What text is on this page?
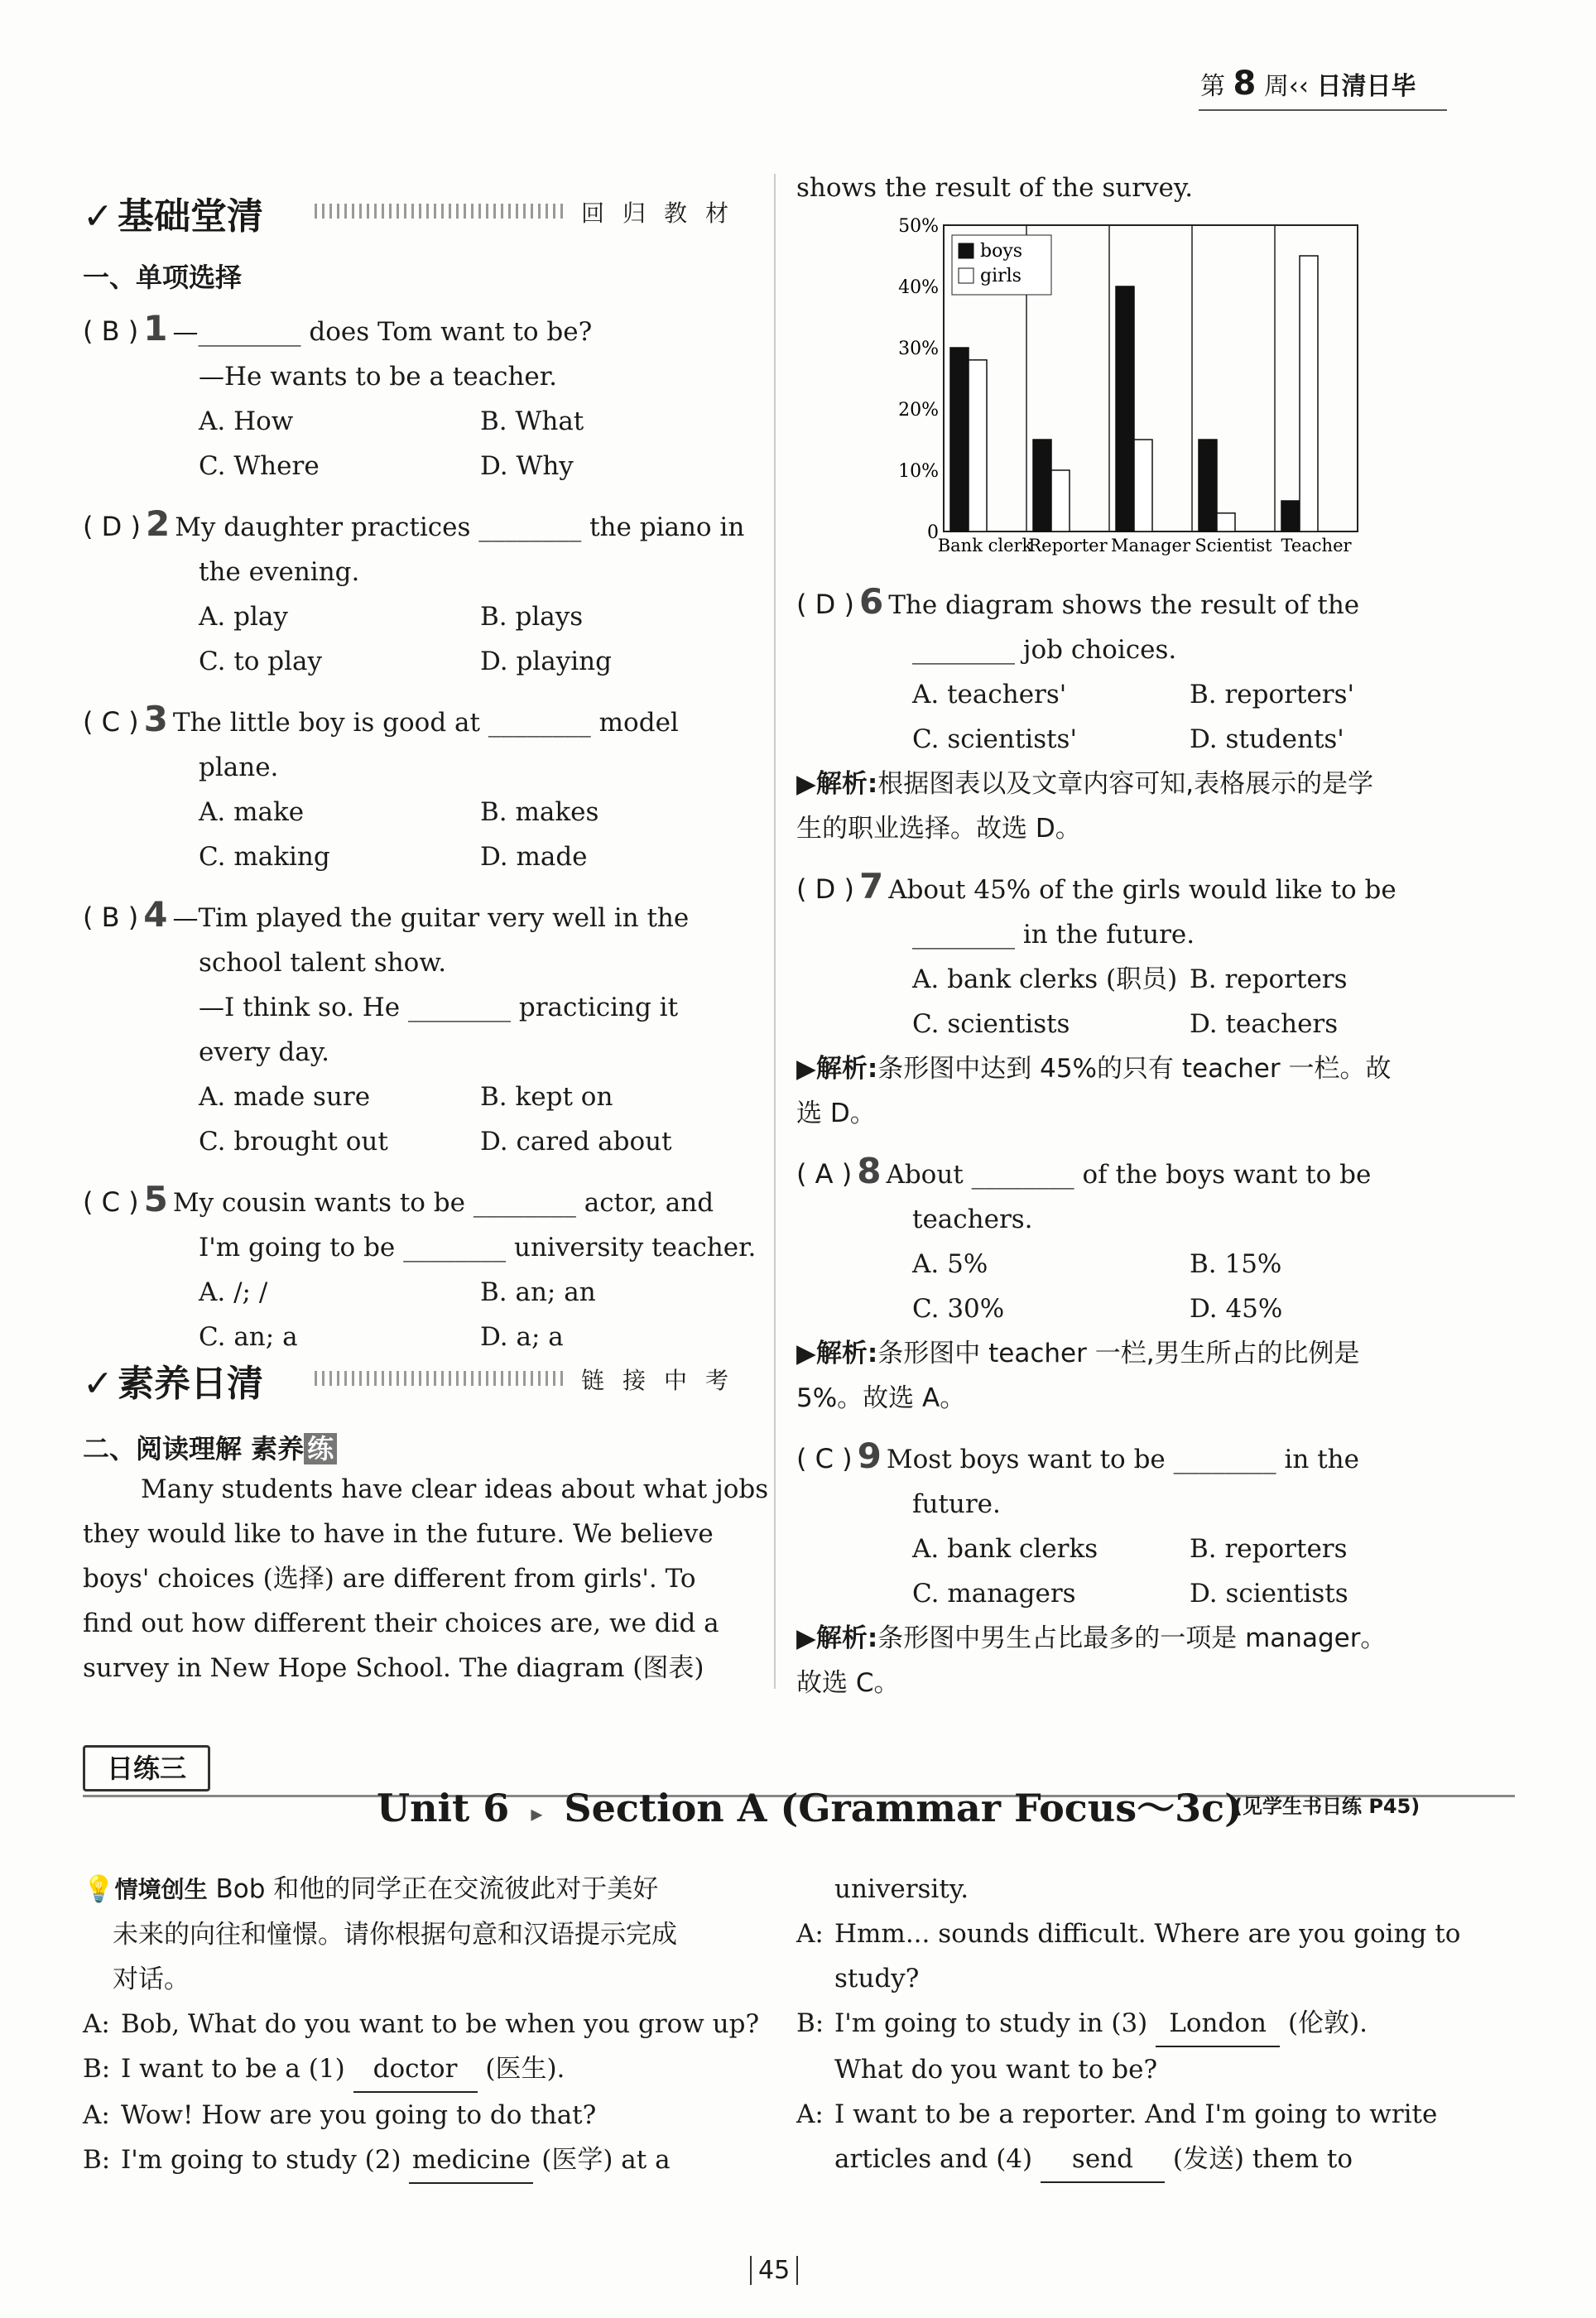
第 8 周‹‹ 日清日毕
✓ 基础堂清	回归教材
一、单项选择
( B ) 1 —________ does Tom want to be?
—He wants to be a teacher.
A. How	B. What
C. Where	D. Why
( D ) 2 My daughter practices ________ the piano in
the evening.
A. play	B. plays
C. to play	D. playing
( C ) 3 The little boy is good at ________ model
plane.
A. make	B. makes
C. making	D. made
( B ) 4 —Tim played the guitar very well in the
school talent show.
—I think so. He ________ practicing it
every day.
A. made sure	B. kept on
C. brought out	D. cared about
( C ) 5 My cousin wants to be ________ actor, and
I'm going to be ________ university teacher.
A. /; /	B. an; an
C. an; a	D. a; a
✓ 素养日清	链接中考
二、阅读理解 素养 练
Many students have clear ideas about what jobs
they would like to have in the future. We believe
boys' choices (选择) are different from girls'. To
find out how different their choices are, we did a
survey in New Hope School. The diagram (图表)
shows the result of the survey.
0
10%
20%
30%
40%
50%
Bank clerk
Reporter Manager Scientist Teacher
boys
girls
( D ) 6 The diagram shows the result of the
________ job choices.
A. teachers'	B. reporters'
C. scientists'	D. students'
▶解析:根据图表以及文章内容可知,表格展示的是学
生的职业选择。故选 D。
( D ) 7 About 45% of the girls would like to be
________ in the future.
A. bank clerks (职员) B. reporters
C. scientists	D. teachers
▶解析:条形图中达到 45%的只有 teacher 一栏。故
选 D。
( A ) 8 About ________ of the boys want to be
teachers.
A. 5%	B. 15%
C. 30%	D. 45%
▶解析:条形图中 teacher 一栏,男生所占的比例是
5%。故选 A。
( C ) 9 Most boys want to be ________ in the
future.
A. bank clerks	B. reporters
C. managers	D. scientists
▶解析:条形图中男生占比最多的一项是 manager。
故选 C。
日练三
Unit 6 ▸ Section A (Grammar Focus～3c)
(见学生书日练 P45)
💡情境创生 Bob 和他的同学正在交流彼此对于美好
未来的向往和憧憬。请你根据句意和汉语提示完成
对话。
A: Bob, What do you want to be when you grow up?
B: I want to be a (1) doctor (医生).
A: Wow! How are you going to do that?
B: I'm going to study (2) medicine (医学) at a
university.
A: Hmm... sounds difficult. Where are you going to
study?
B: I'm going to study in (3) London (伦敦).
What do you want to be?
A: I want to be a reporter. And I'm going to write
articles and (4) send (发送) them to
45
